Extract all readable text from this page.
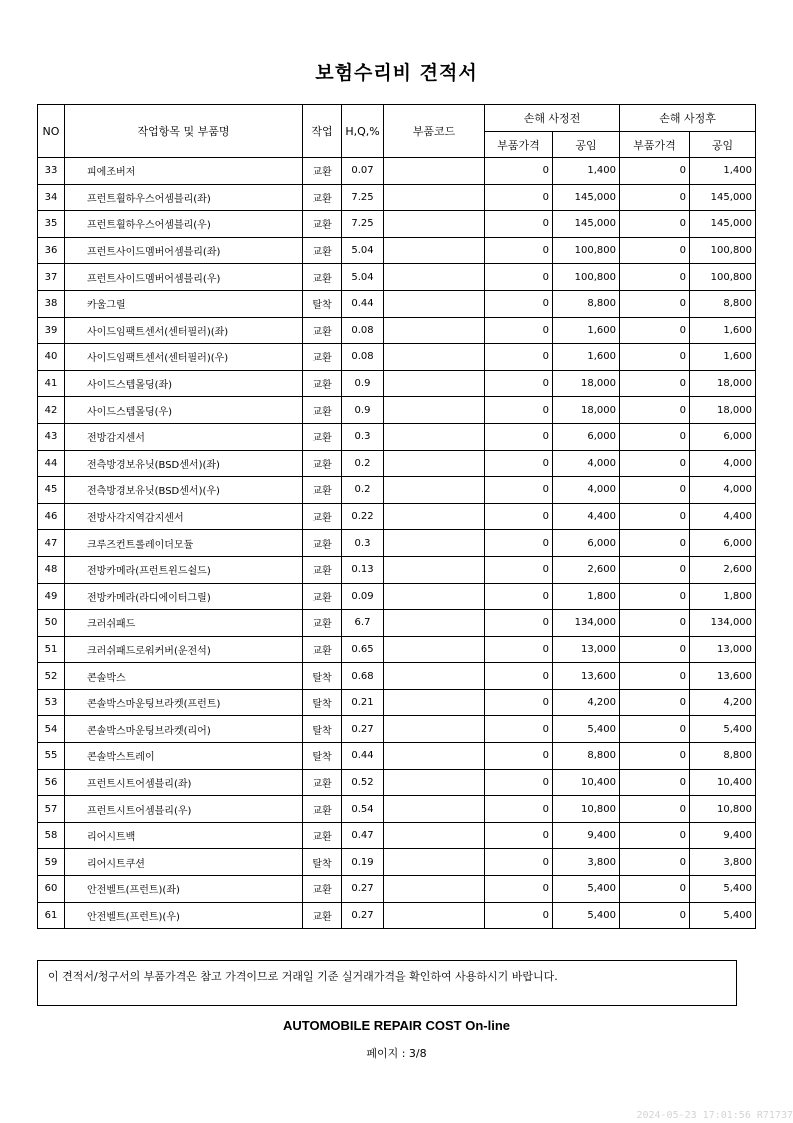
보험수리비 견적서
NO	작업항목 및 부품명	작업	H,Q,%	부품코드	손해 사정전		손해 사정후	
					부품가격	공임	부품가격	공임
33	피에조버저	교환	0.07		0	1,400	0	1,400
34	프런트휠하우스어셈블리(좌)	교환	7.25		0	145,000	0	145,000
35	프런트휠하우스어셈블리(우)	교환	7.25		0	145,000	0	145,000
36	프런트사이드멤버어셈블리(좌)	교환	5.04		0	100,800	0	100,800
37	프런트사이드멤버어셈블리(우)	교환	5.04		0	100,800	0	100,800
38	카울그릴	탈착	0.44		0	8,800	0	8,800
39	사이드임팩트센서(센터필러)(좌)	교환	0.08		0	1,600	0	1,600
40	사이드임팩트센서(센터필러)(우)	교환	0.08		0	1,600	0	1,600
41	사이드스텝몰딩(좌)	교환	0.9		0	18,000	0	18,000
42	사이드스텝몰딩(우)	교환	0.9		0	18,000	0	18,000
43	전방감지센서	교환	0.3		0	6,000	0	6,000
44	전측방경보유닛(BSD센서)(좌)	교환	0.2		0	4,000	0	4,000
45	전측방경보유닛(BSD센서)(우)	교환	0.2		0	4,000	0	4,000
46	전방사각지역감지센서	교환	0.22		0	4,400	0	4,400
47	크루즈컨트롤레이더모듈	교환	0.3		0	6,000	0	6,000
48	전방카메라(프런트윈드쉴드)	교환	0.13		0	2,600	0	2,600
49	전방카메라(라디에이터그릴)	교환	0.09		0	1,800	0	1,800
50	크러쉬패드	교환	6.7		0	134,000	0	134,000
51	크러쉬패드로워커버(운전석)	교환	0.65		0	13,000	0	13,000
52	콘솔박스	탈착	0.68		0	13,600	0	13,600
53	콘솔박스마운팅브라켓(프런트)	탈착	0.21		0	4,200	0	4,200
54	콘솔박스마운팅브라켓(리어)	탈착	0.27		0	5,400	0	5,400
55	콘솔박스트레이	탈착	0.44		0	8,800	0	8,800
56	프런트시트어셈블리(좌)	교환	0.52		0	10,400	0	10,400
57	프런트시트어셈블리(우)	교환	0.54		0	10,800	0	10,800
58	리어시트백	교환	0.47		0	9,400	0	9,400
59	리어시트쿠션	탈착	0.19		0	3,800	0	3,800
60	안전벨트(프런트)(좌)	교환	0.27		0	5,400	0	5,400
61	안전벨트(프런트)(우)	교환	0.27		0	5,400	0	5,400
이 견적서/청구서의 부품가격은 참고 가격이므로 거래일 기준 실거래가격을 확인하여 사용하시기 바랍니다.
AUTOMOBILE REPAIR COST On-line
페이지 : 3/8
2024-05-23 17:01:56 R71737
